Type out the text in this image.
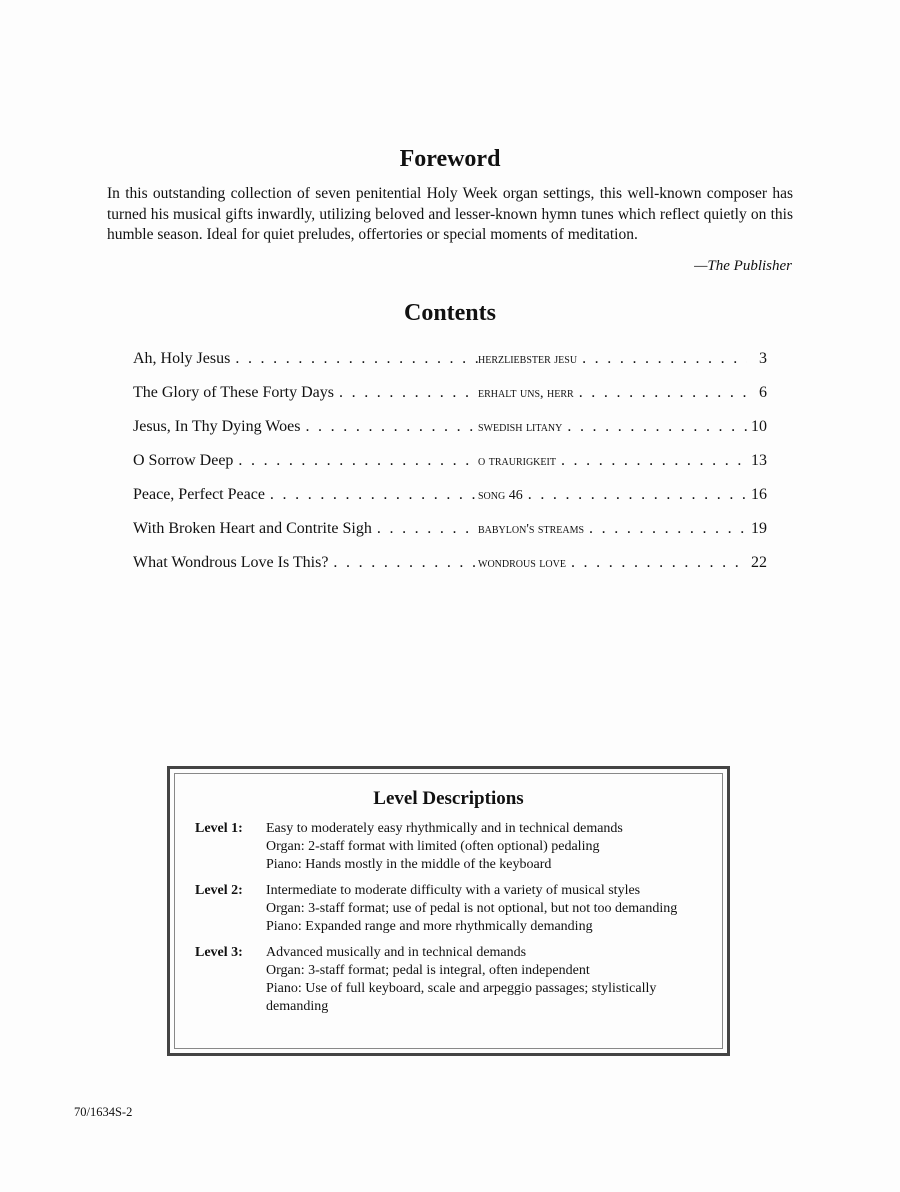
Foreword

In this outstanding collection of seven penitential Holy Week organ settings, this well-known composer has turned his musical gifts inwardly, utilizing beloved and lesser-known hymn tunes which reflect quietly on this humble season. Ideal for quiet preludes, offertories or special moments of meditation.

—The Publisher

Contents
Ah, Holy Jesus . . .	herzliebster jesu . . .	3
The Glory of These Forty Days . . .	erhalt uns, herr . . .	6
Jesus, In Thy Dying Woes . . .	swedish litany . . .	10
O Sorrow Deep . . .	o traurigkeit . . .	13
Peace, Perfect Peace . . .	song 46 . . .	16
With Broken Heart and Contrite Sigh . . .	babylon's streams . . .	19
What Wondrous Love Is This? . . .	wondrous love . . .	22
Level Descriptions
Level 1:	Easy to moderately easy rhythmically and in technical demands
Organ: 2-staff format with limited (often optional) pedaling
Piano: Hands mostly in the middle of the keyboard
Level 2:	Intermediate to moderate difficulty with a variety of musical styles
Organ: 3-staff format; use of pedal is not optional, but not too demanding
Piano: Expanded range and more rhythmically demanding
Level 3:	Advanced musically and in technical demands
Organ: 3-staff format; pedal is integral, often independent
Piano: Use of full keyboard, scale and arpeggio passages; stylistically demanding

70/1634S-2
